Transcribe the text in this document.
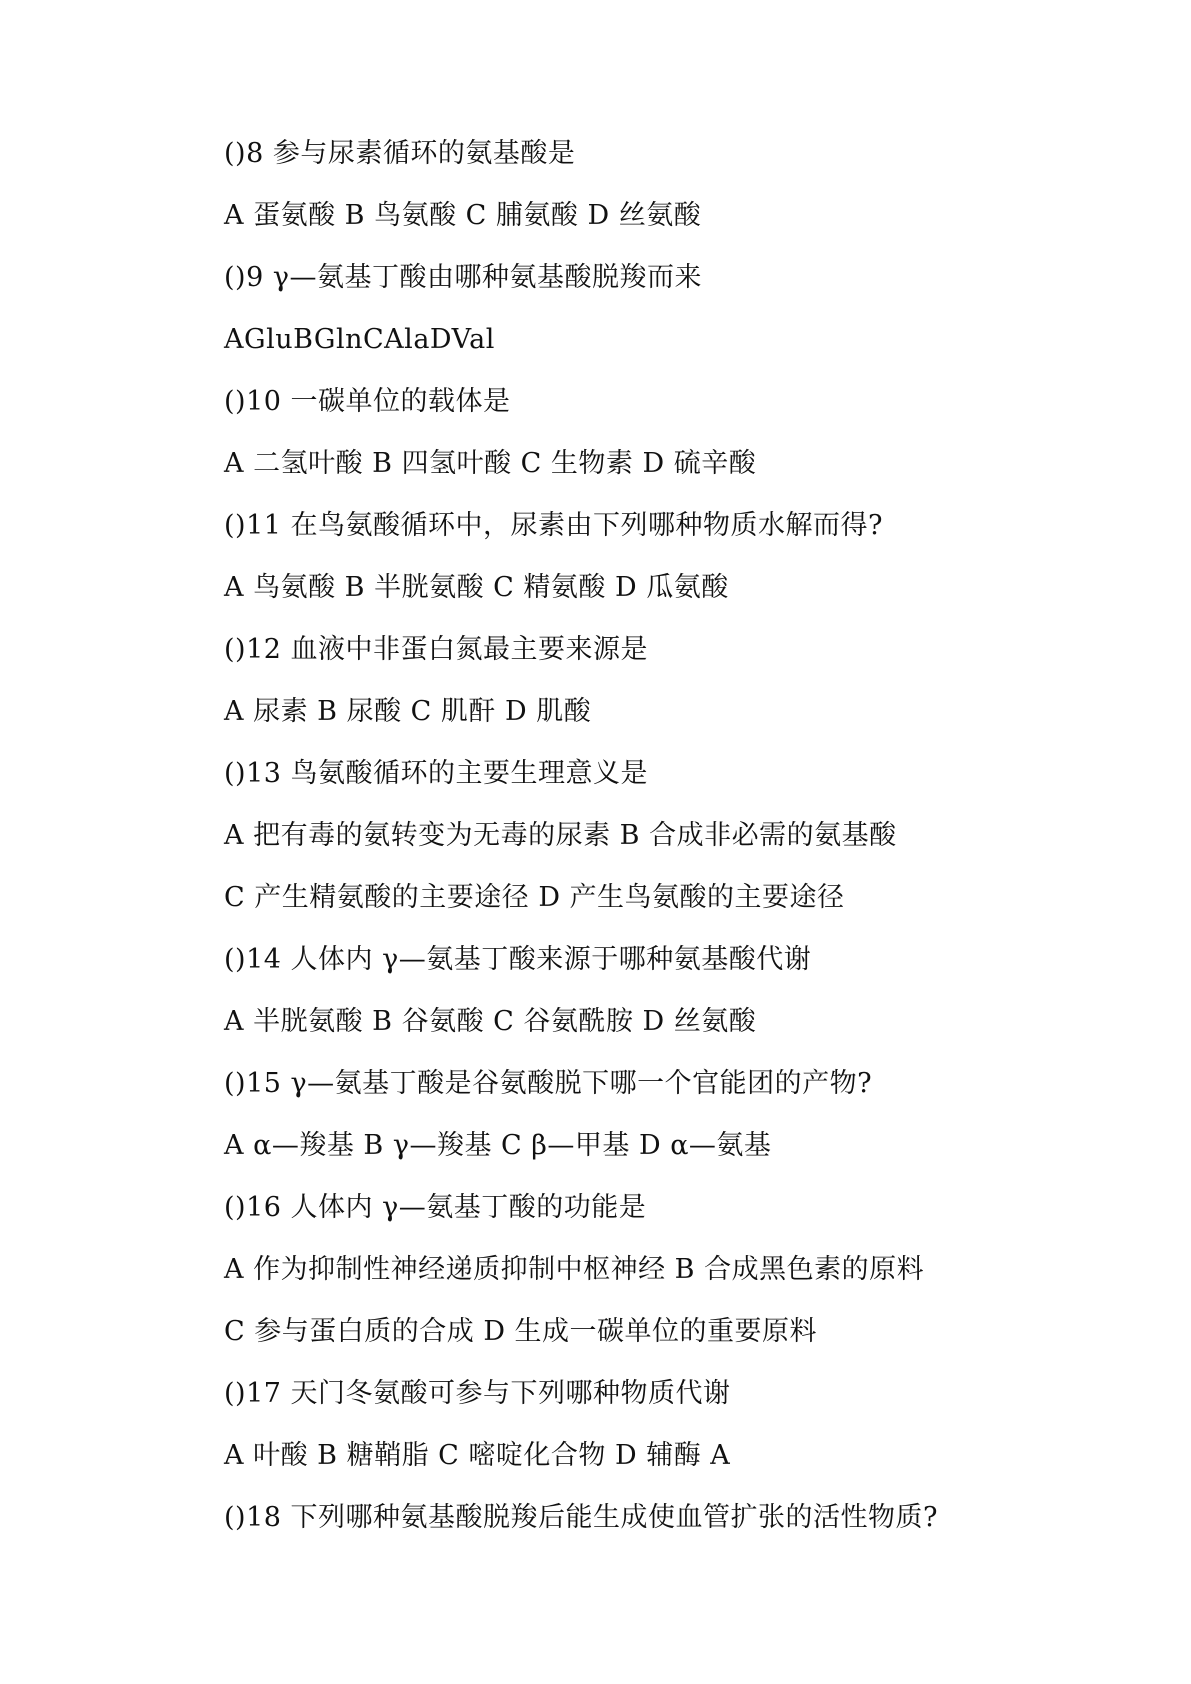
()8 参与尿素循环的氨基酸是
A 蛋氨酸 B 鸟氨酸 C 脯氨酸 D 丝氨酸
()9 γ—氨基丁酸由哪种氨基酸脱羧而来
AGluBGlnCAlaDVal
()10 一碳单位的载体是
A 二氢叶酸 B 四氢叶酸 C 生物素 D 硫辛酸
()11 在鸟氨酸循环中，尿素由下列哪种物质水解而得?
A 鸟氨酸 B 半胱氨酸 C 精氨酸 D 瓜氨酸
()12 血液中非蛋白氮最主要来源是
A 尿素 B 尿酸 C 肌酐 D 肌酸
()13 鸟氨酸循环的主要生理意义是
A 把有毒的氨转变为无毒的尿素 B 合成非必需的氨基酸
C 产生精氨酸的主要途径 D 产生鸟氨酸的主要途径
()14 人体内 γ—氨基丁酸来源于哪种氨基酸代谢
A 半胱氨酸 B 谷氨酸 C 谷氨酰胺 D 丝氨酸
()15 γ—氨基丁酸是谷氨酸脱下哪一个官能团的产物?
A α—羧基 B γ—羧基 C β—甲基 D α—氨基
()16 人体内 γ—氨基丁酸的功能是
A 作为抑制性神经递质抑制中枢神经 B 合成黑色素的原料
C 参与蛋白质的合成 D 生成一碳单位的重要原料
()17 天门冬氨酸可参与下列哪种物质代谢
A 叶酸 B 糖鞘脂 C 嘧啶化合物 D 辅酶 A
()18 下列哪种氨基酸脱羧后能生成使血管扩张的活性物质?
